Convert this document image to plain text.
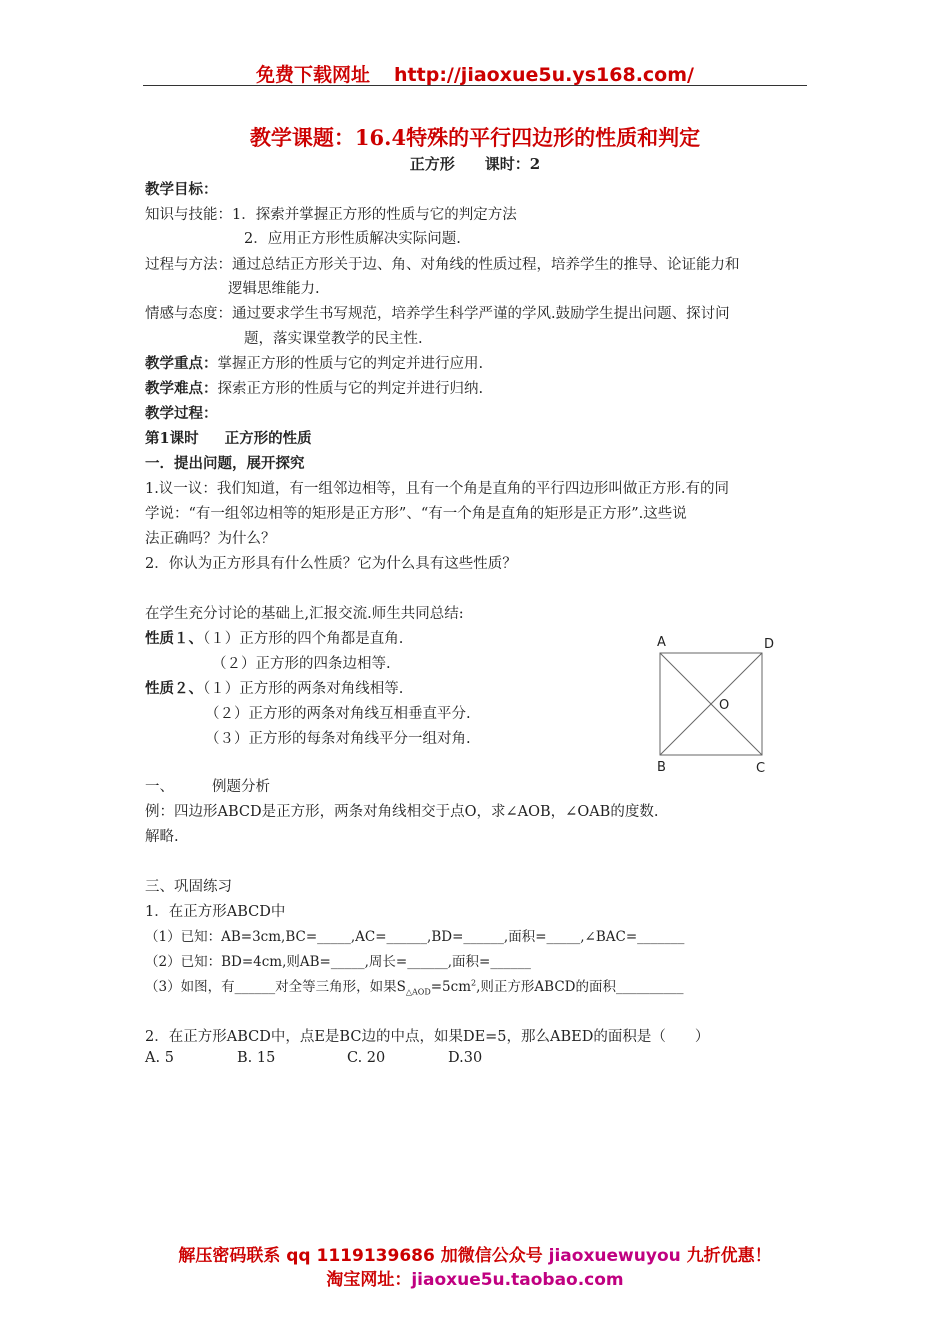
免费下载网址 http://jiaoxue5u.ys168.com/
教学课题：16.4特殊的平行四边形的性质和判定
正方形 课时：2
教学目标：
知识与技能：1．探索并掌握正方形的性质与它的判定方法
2．应用正方形性质解决实际问题.
过程与方法：通过总结正方形关于边、角、对角线的性质过程，培养学生的推导、论证能力和
逻辑思维能力.
情感与态度：通过要求学生书写规范，培养学生科学严谨的学风.鼓励学生提出问题、探讨问
题，落实课堂教学的民主性.
教学重点：掌握正方形的性质与它的判定并进行应用.
教学难点：探索正方形的性质与它的判定并进行归纳.
教学过程：
第1课时 正方形的性质
一．提出问题，展开探究
1.议一议：我们知道，有一组邻边相等，且有一个角是直角的平行四边形叫做正方形.有的同
学说：“有一组邻边相等的矩形是正方形”、“有一个角是直角的矩形是正方形”.这些说
法正确吗？为什么？
2．你认为正方形具有什么性质？它为什么具有这些性质？
在学生充分讨论的基础上,汇报交流.师生共同总结:
性质１、（１）正方形的四个角都是直角.
（２）正方形的四条边相等.
性质２、（１）正方形的两条对角线相等.
（２）正方形的两条对角线互相垂直平分.
（３）正方形的每条对角线平分一组对角.
A	D
O
B	C
一、	例题分析
例：四边形ABCD是正方形，两条对角线相交于点O，求∠AOB，∠OAB的度数.
解略.
三、巩固练习
1．在正方形ABCD中
（1）已知：AB=3cm,BC=_____,AC=______,BD=______,面积=_____,∠BAC=_______
（2）已知：BD=4cm,则AB=_____,周长=______,面积=______
（3）如图，有______对全等三角形，如果$S_{\triangle AOD}=5cm^2$,则正方形ABCD的面积__________
2．在正方形ABCD中，点E是BC边的中点，如果DE=5，那么ABED的面积是（　　）
A. 5	B. 15	C. 20	D.30
解压密码联系 qq 1119139686 加微信公众号 jiaoxuewuyou 九折优惠！
淘宝网址：jiaoxue5u.taobao.com
